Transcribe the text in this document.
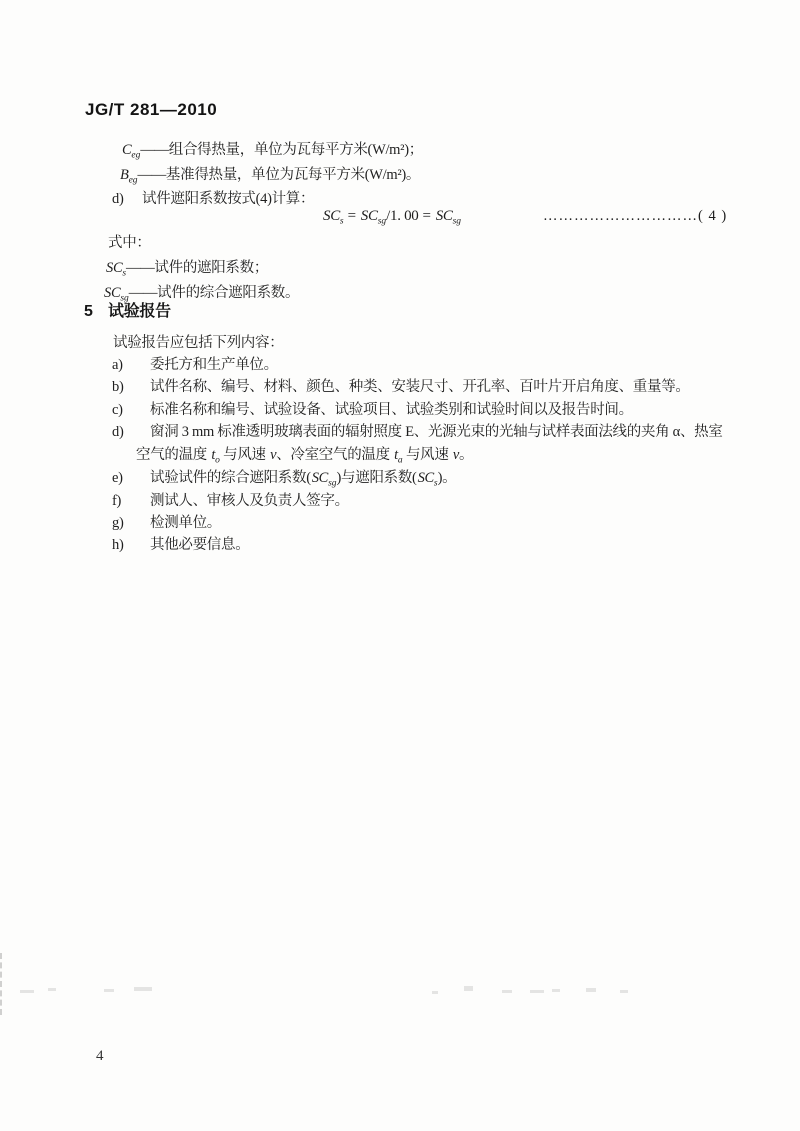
JG/T 281—2010
$C_{eg}——$组合得热量，单位为瓦每平方米(W/m²)；
$B_{eg}——$基准得热量，单位为瓦每平方米(W/m²)。
d) 试件遮阳系数按式(4)计算：
$SC_s = SC_{sg}/1$. $00 = SC_{sg}$	…………………………( 4 )
式中：
$SC_s——$试件的遮阳系数；
$SC_{sg}——$试件的综合遮阳系数。
5 试验报告
试验报告应包括下列内容：
a) 委托方和生产单位。
b) 试件名称、编号、材料、颜色、种类、安装尺寸、开孔率、百叶片开启角度、重量等。
c) 标准名称和编号、试验设备、试验项目、试验类别和试验时间以及报告时间。
d) 窗洞 3 mm 标准透明玻璃表面的辐射照度 E、光源光束的光轴与试样表面法线的夹角 α、热室
空气的温度 $t_o$ 与风速 v、冷室空气的温度 $t_a$ 与风速 v。
e) 试验试件的综合遮阳系数$(SC_{sg})$与遮阳系数$(SC_s)$。
f) 测试人、审核人及负责人签字。
g) 检测单位。
h) 其他必要信息。
4
